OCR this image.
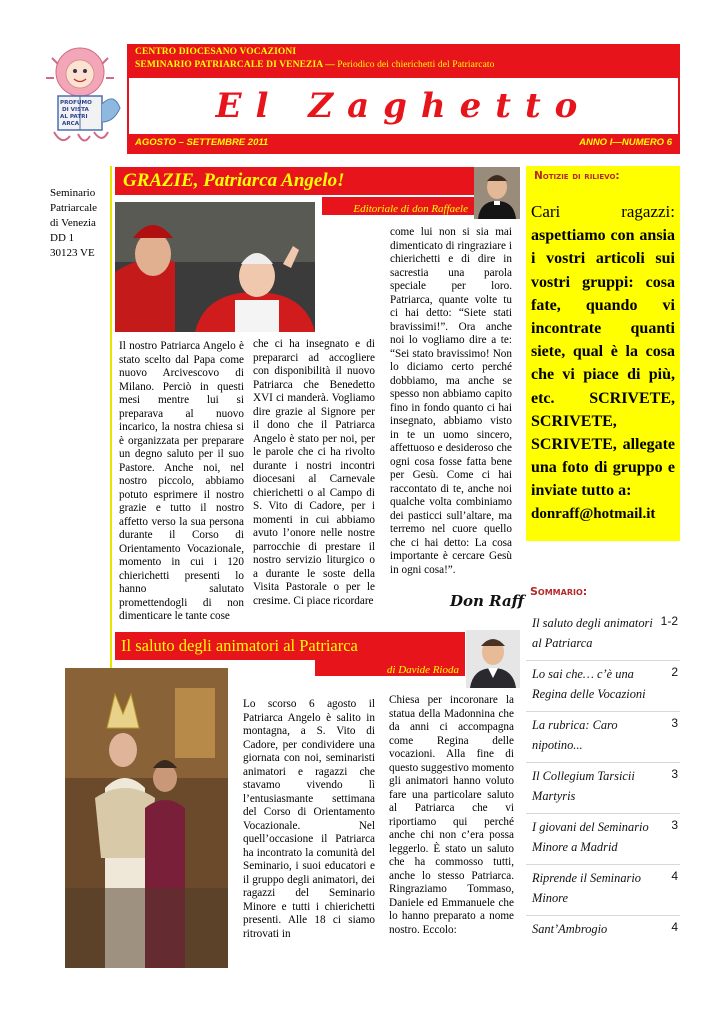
PROFUMO
DI VISTA
AL PATRI
ARCA
CENTRO DIOCESANO VOCAZIONI
SEMINARIO PATRIARCALE DI VENEZIA — Periodico dei chierichetti del Patriarcato
El Zaghetto
AGOSTO – SETTEMBRE 2011	ANNO I—NUMERO 6
Seminario
Patriarcale
di Venezia
DD 1
30123 VE
GRAZIE, Patriarca Angelo!
Editoriale di don Raffaele
Il nostro Patriarca Angelo è stato scelto dal Papa come nuovo Arcivescovo di Milano. Perciò in questi mesi mentre lui si preparava al nuovo incarico, la nostra chiesa si è organizzata per preparare un degno saluto per il suo Pastore. Anche noi, nel nostro piccolo, abbiamo potuto esprimere il nostro grazie e tutto il nostro affetto verso la sua persona durante il Corso di Orientamento Vocazionale, momento in cui i 120 chierichetti presenti lo hanno salutato promettendogli di non dimenticare le tante cose
che ci ha insegnato e di prepararci ad accogliere con disponibilità il nuovo Patriarca che Benedetto XVI ci manderà. Vogliamo dire grazie al Signore per il dono che il Patriarca Angelo è stato per noi, per le parole che ci ha rivolto durante i nostri incontri diocesani al Carnevale chierichetti o al Campo di S. Vito di Cadore, per i momenti in cui abbiamo avuto l’onore nelle nostre parrocchie di prestare il nostro servizio liturgico o a durante le soste della Visita Pastorale o per le cresime. Ci piace ricordare
come lui non si sia mai dimenticato di ringraziare i chierichetti e di dire in sacrestia una parola speciale per loro. Patriarca, quante volte tu ci hai detto: “Siete stati bravissimi!”. Ora anche noi lo vogliamo dire a te: “Sei stato bravissimo! Non lo diciamo certo perché dobbiamo, ma anche se spesso non abbiamo capito fino in fondo quanto ci hai insegnato, abbiamo visto in te un uomo sincero, affettuoso e desideroso che ogni cosa fosse fatta bene per Gesù. Come ci hai raccontato di te, anche noi qualche volta combiniamo dei pasticci sull’altare, ma terremo nel cuore quello che ci hai detto: La cosa importante è cercare Gesù in ogni cosa!”.
Don Raff
Notizie di rilievo:
Cari ragazzi: aspettiamo con ansia i vostri articoli sui vostri gruppi: cosa fate, quando vi incontrate quanti siete, qual è la cosa che vi piace di più, etc. SCRIVETE, SCRIVETE, SCRIVETE, allegate una foto di gruppo e inviate tutto a:
donraff@hotmail.it
Sommario:
Il saluto degli animatori al Patriarca
1-2
Lo sai che… c’è una Regina delle Vocazioni
2
La rubrica: Caro nipotino...
3
Il Collegium Tarsicii Martyris
3
I giovani del Seminario Minore a Madrid
3
Riprende il Seminario Minore
4
Sant’Ambrogio	4
Il saluto degli animatori al Patriarca
di Davide Rioda
Lo scorso 6 agosto il Patriarca Angelo è salito in montagna, a S. Vito di Cadore, per condividere una giornata con noi, seminaristi animatori e ragazzi che stavamo vivendo lì l’entusiasmante settimana del Corso di Orientamento Vocazionale. Nel quell’occasione il Patriarca ha incontrato la comunità del Seminario, i suoi educatori e il gruppo degli animatori, dei ragazzi del Seminario Minore e tutti i chierichetti presenti. Alle 18 ci siamo ritrovati in
Chiesa per incoronare la statua della Madonnina che da anni ci accompagna come Regina delle vocazioni. Alla fine di questo suggestivo momento gli animatori hanno voluto fare una particolare saluto al Patriarca che vi riportiamo qui perché anche chi non c’era possa leggerlo. È stato un saluto che ha commosso tutti, anche lo stesso Patriarca. Ringraziamo Tommaso, Daniele ed Emmanuele che lo hanno preparato a nome nostro. Eccolo:
